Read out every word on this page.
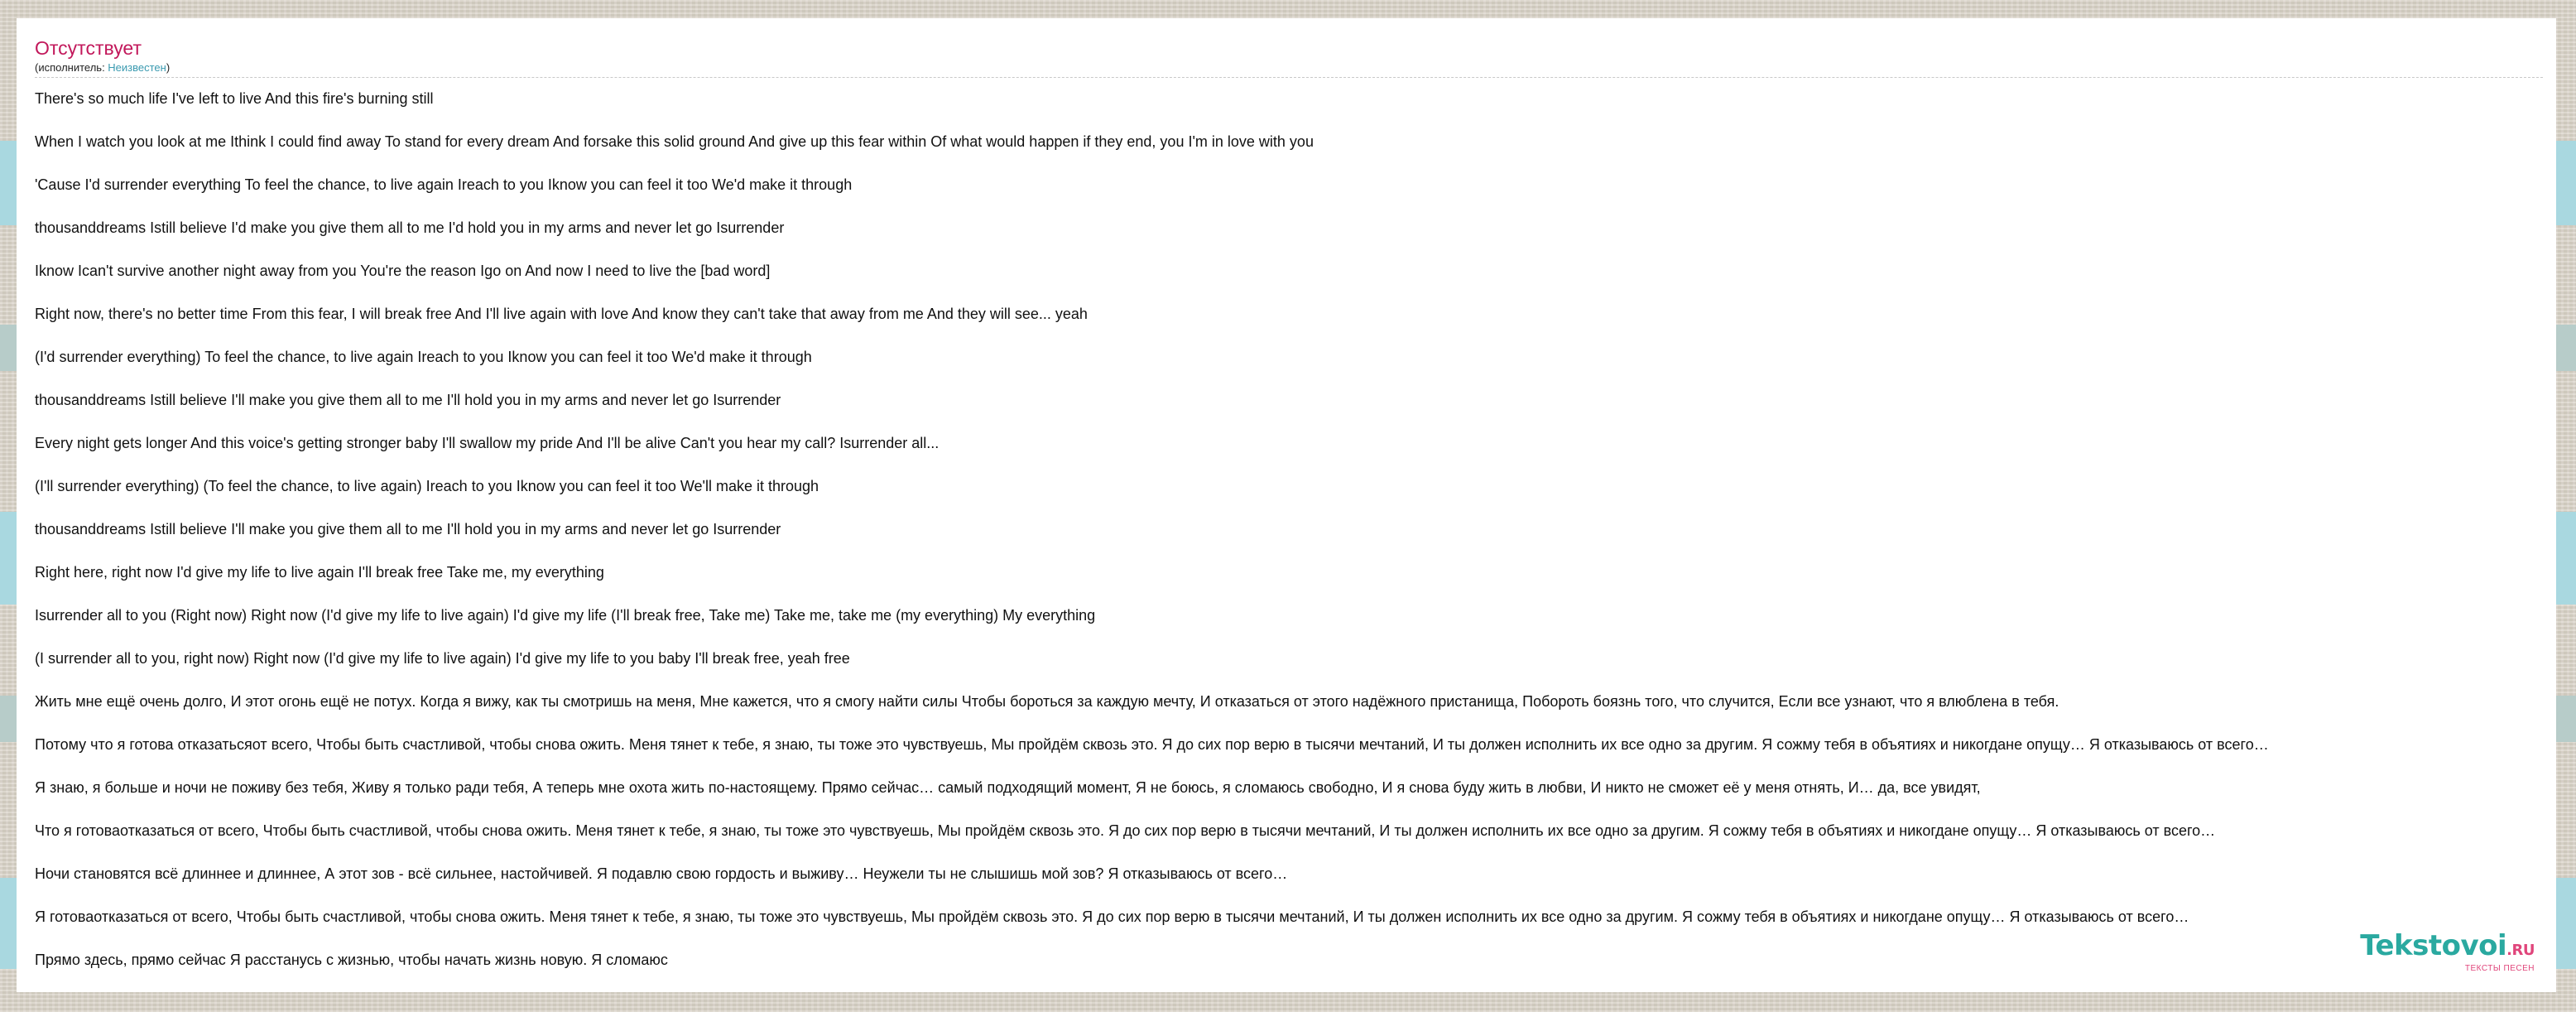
Отсутствует
(исполнитель: Неизвестен)
There's so much life I've left to live And this fire's burning still
When I watch you look at me Ithink I could find away To stand for every dream And forsake this solid ground And give up this fear within Of what would happen if they end, you I'm in love with you
'Cause I'd surrender everything To feel the chance, to live again Ireach to you Iknow you can feel it too We'd make it through
thousanddreams Istill believe I'd make you give them all to me I'd hold you in my arms and never let go Isurrender
Iknow Ican't survive another night away from you You're the reason Igo on And now I need to live the [bad word]
Right now, there's no better time From this fear, I will break free And I'll live again with love And know they can't take that away from me And they will see... yeah
(I'd surrender everything) To feel the chance, to live again Ireach to you Iknow you can feel it too We'd make it through
thousanddreams Istill believe I'll make you give them all to me I'll hold you in my arms and never let go Isurrender
Every night gets longer And this voice's getting stronger baby I'll swallow my pride And I'll be alive Can't you hear my call? Isurrender all...
(I'll surrender everything) (To feel the chance, to live again) Ireach to you Iknow you can feel it too We'll make it through
thousanddreams Istill believe I'll make you give them all to me I'll hold you in my arms and never let go Isurrender
Right here, right now I'd give my life to live again I'll break free Take me, my everything
Isurrender all to you (Right now) Right now (I'd give my life to live again) I'd give my life (I'll break free, Take me) Take me, take me (my everything) My everything
(I surrender all to you, right now) Right now (I'd give my life to live again) I'd give my life to you baby I'll break free, yeah free
Жить мне ещё очень долго, И этот огонь ещё не потух. Когда я вижу, как ты смотришь на меня, Мне кажется, что я смогу найти силы Чтобы бороться за каждую мечту, И отказаться от этого надёжного пристанища, Побороть боязнь того, что случится, Если все узнают, что я влюблена в тебя.
Потому что я готова отказатьсяот всего, Чтобы быть счастливой, чтобы снова ожить. Меня тянет к тебе, я знаю, ты тоже это чувствуешь, Мы пройдём сквозь это. Я до сих пор верю в тысячи мечтаний, И ты должен исполнить их все одно за другим. Я сожму тебя в объятиях и никогдане опущу… Я отказываюсь от всего…
Я знаю, я больше и ночи не поживу без тебя, Живу я только ради тебя, А теперь мне охота жить по-настоящему. Прямо сейчас… самый подходящий момент, Я не боюсь, я сломаюсь свободно, И я снова буду жить в любви, И никто не сможет её у меня отнять, И… да, все увидят,
Что я готоваотказаться от всего, Чтобы быть счастливой, чтобы снова ожить. Меня тянет к тебе, я знаю, ты тоже это чувствуешь, Мы пройдём сквозь это. Я до сих пор верю в тысячи мечтаний, И ты должен исполнить их все одно за другим. Я сожму тебя в объятиях и никогдане опущу… Я отказываюсь от всего…
Ночи становятся всё длиннее и длиннее, А этот зов - всё сильнее, настойчивей. Я подавлю свою гордость и выживу… Неужели ты не слышишь мой зов? Я отказываюсь от всего…
Я готоваотказаться от всего, Чтобы быть счастливой, чтобы снова ожить. Меня тянет к тебе, я знаю, ты тоже это чувствуешь, Мы пройдём сквозь это. Я до сих пор верю в тысячи мечтаний, И ты должен исполнить их все одно за другим. Я сожму тебя в объятиях и никогдане опущу… Я отказываюсь от всего…
Прямо здесь, прямо сейчас Я расстанусь с жизнью, чтобы начать жизнь новую. Я сломаюс	Tekstovoi.RU
ТЕКСТЫ ПЕСЕН
